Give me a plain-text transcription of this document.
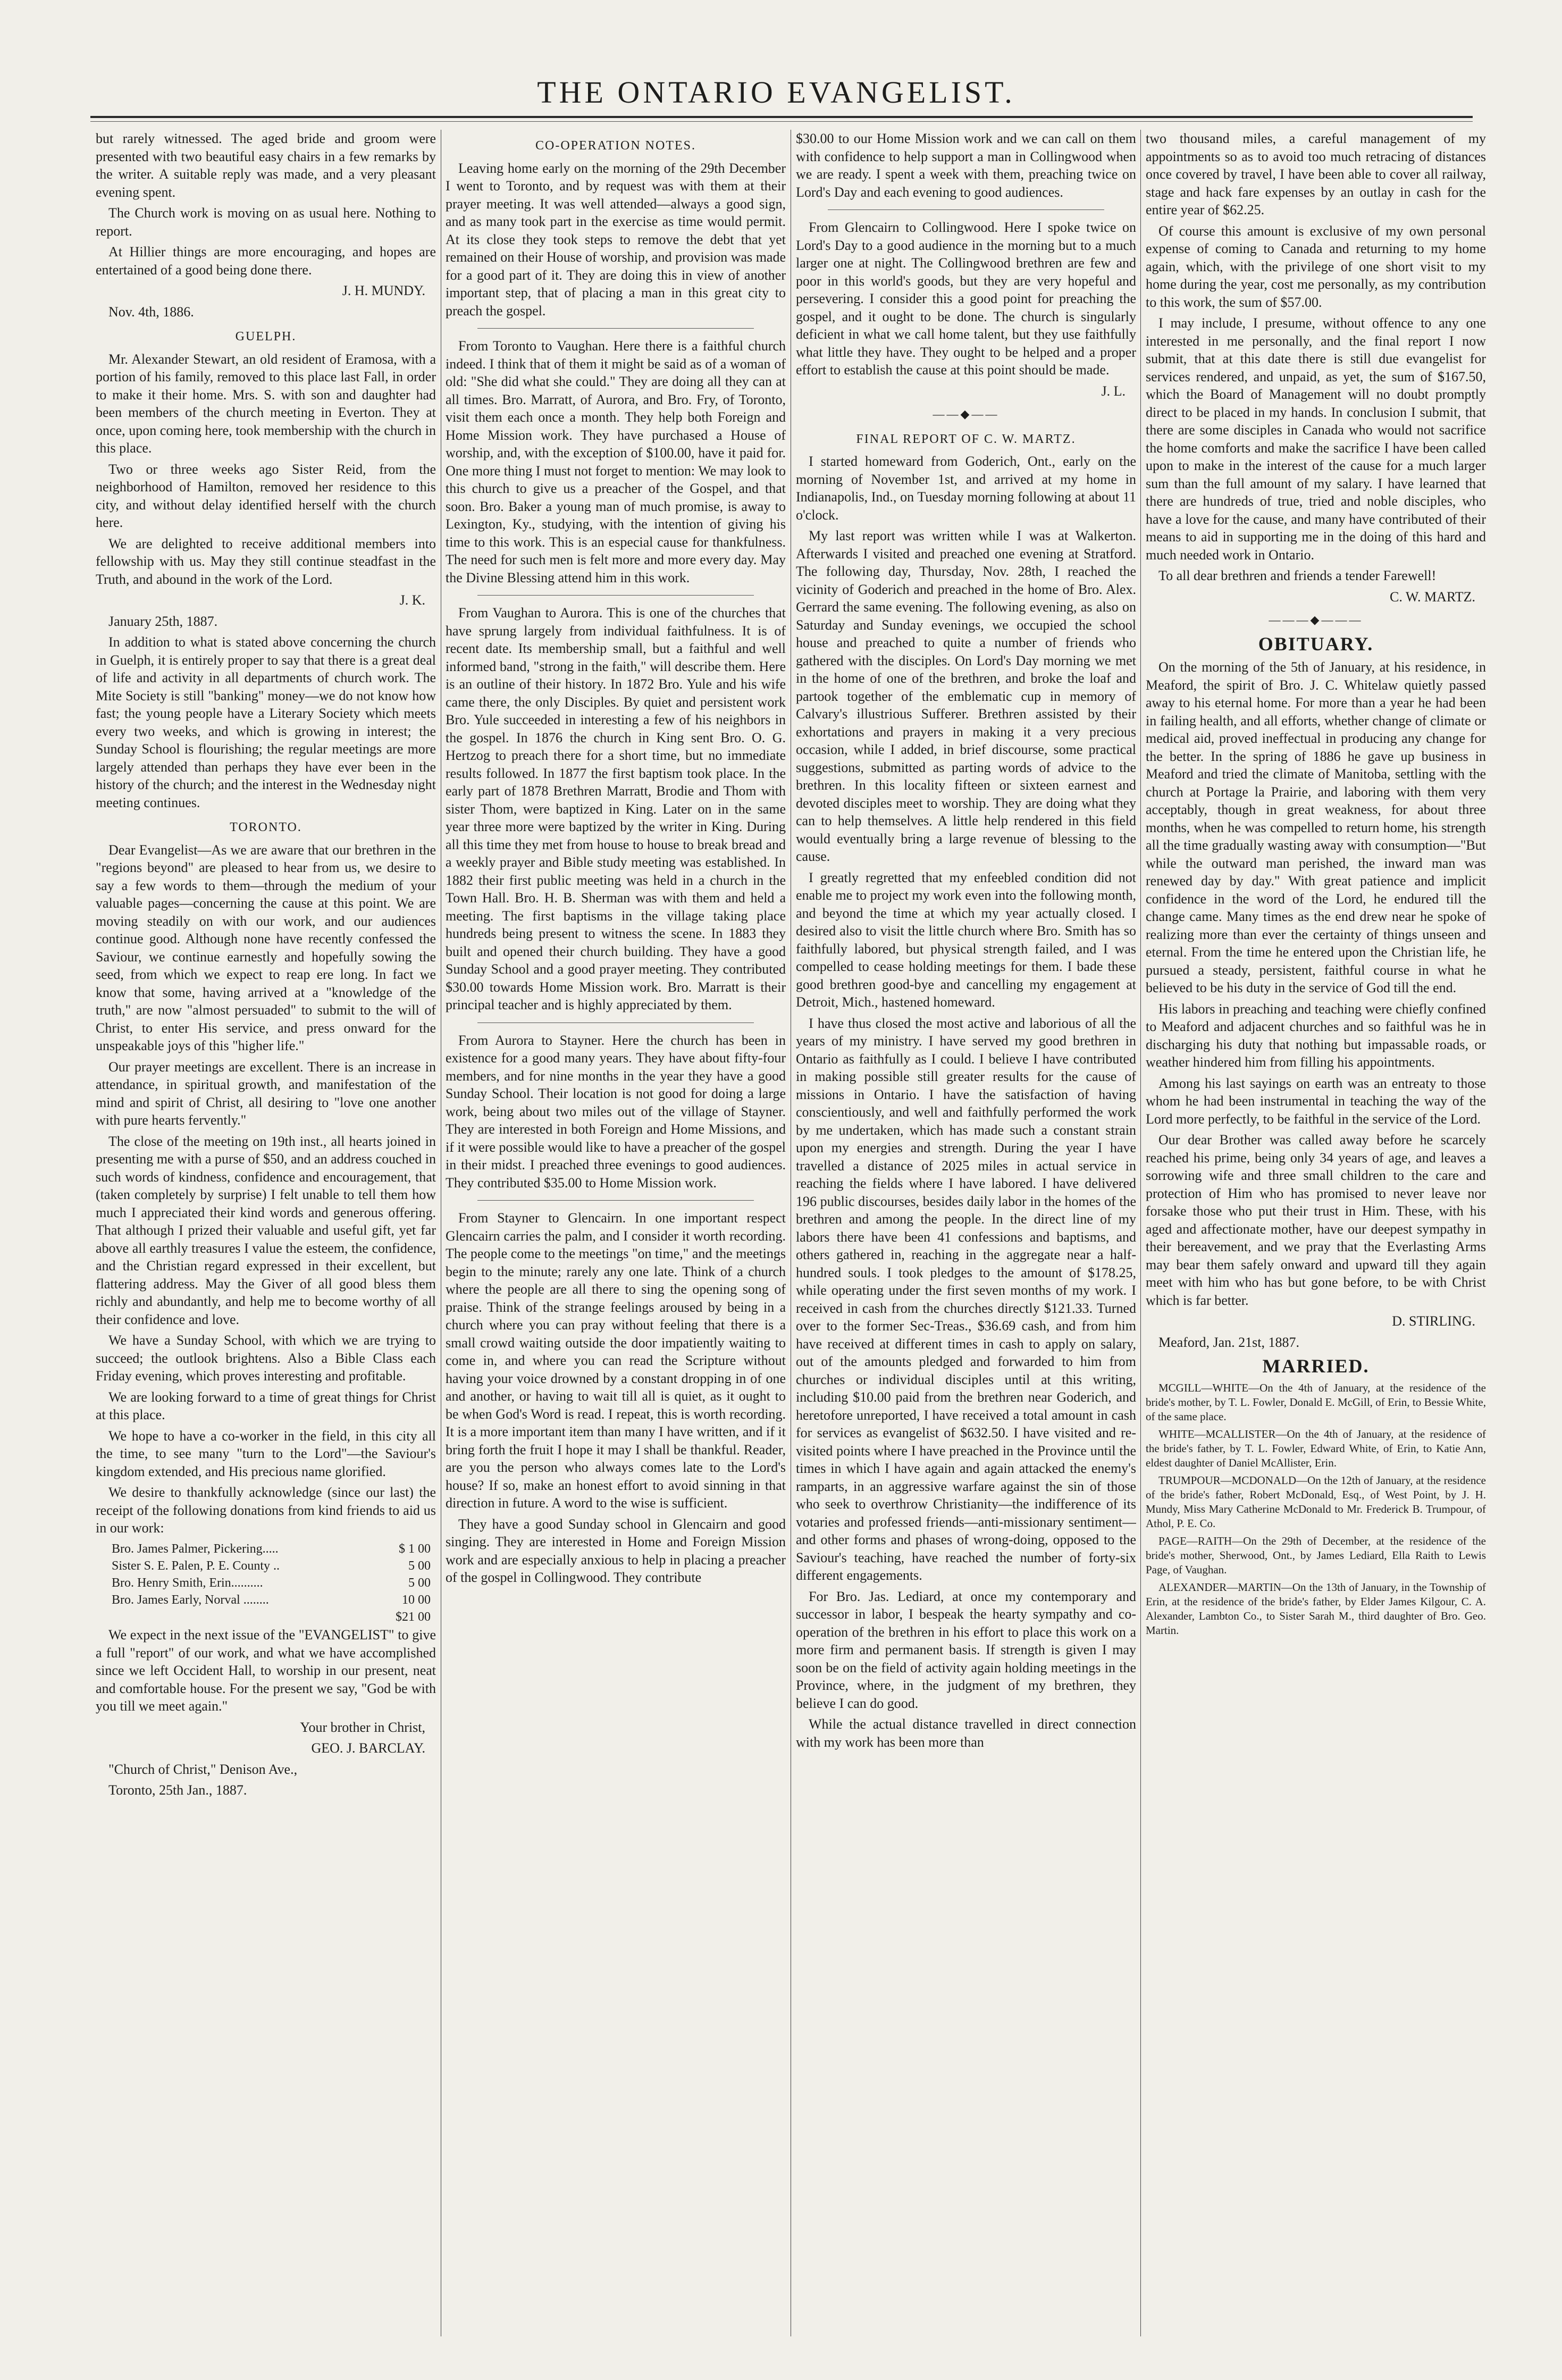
THE ONTARIO EVANGELIST.

but rarely witnessed. The aged bride and groom were presented with two beautiful easy chairs in a few remarks by the writer. A suitable reply was made, and a very pleasant evening spent.

The Church work is moving on as usual here. Nothing to report.

At Hillier things are more encouraging, and hopes are entertained of a good being done there.

J. H. MUNDY.

Nov. 4th, 1886.

GUELPH.

Mr. Alexander Stewart, an old resident of Eramosa, with a portion of his family, removed to this place last Fall, in order to make it their home. Mrs. S. with son and daughter had been members of the church meeting in Everton. They at once, upon coming here, took membership with the church in this place.

Two or three weeks ago Sister Reid, from the neighborhood of Hamilton, removed her residence to this city, and without delay identified herself with the church here.

We are delighted to receive additional members into fellowship with us. May they still continue steadfast in the Truth, and abound in the work of the Lord.

J. K.

January 25th, 1887.

In addition to what is stated above concerning the church in Guelph, it is entirely proper to say that there is a great deal of life and activity in all departments of church work. The Mite Society is still "banking" money—we do not know how fast; the young people have a Literary Society which meets every two weeks, and which is growing in interest; the Sunday School is flourishing; the regular meetings are more largely attended than perhaps they have ever been in the history of the church; and the interest in the Wednesday night meeting continues.

TORONTO.

Dear Evangelist—As we are aware that our brethren in the "regions beyond" are pleased to hear from us, we desire to say a few words to them—through the medium of your valuable pages—concerning the cause at this point. We are moving steadily on with our work, and our audiences continue good. Although none have recently confessed the Saviour, we continue earnestly and hopefully sowing the seed, from which we expect to reap ere long. In fact we know that some, having arrived at a "knowledge of the truth," are now "almost persuaded" to submit to the will of Christ, to enter His service, and press onward for the unspeakable joys of this "higher life."

Our prayer meetings are excellent. There is an increase in attendance, in spiritual growth, and manifestation of the mind and spirit of Christ, all desiring to "love one another with pure hearts fervently."

The close of the meeting on 19th inst., all hearts joined in presenting me with a purse of $50, and an address couched in such words of kindness, confidence and encouragement, that (taken completely by surprise) I felt unable to tell them how much I appreciated their kind words and generous offering. That although I prized their valuable and useful gift, yet far above all earthly treasures I value the esteem, the confidence, and the Christian regard expressed in their excellent, but flattering address. May the Giver of all good bless them richly and abundantly, and help me to become worthy of all their confidence and love.

We have a Sunday School, with which we are trying to succeed; the outlook brightens. Also a Bible Class each Friday evening, which proves interesting and profitable.

We are looking forward to a time of great things for Christ at this place.

We hope to have a co-worker in the field, in this city all the time, to see many "turn to the Lord"—the Saviour's kingdom extended, and His precious name glorified.

We desire to thankfully acknowledge (since our last) the receipt of the following donations from kind friends to aid us in our work:

Bro. James Palmer, Pickering.....	$ 1 00
Sister S. E. Palen, P. E. County ..	5 00
Bro. Henry Smith, Erin..........	5 00
Bro. James Early, Norval ........	10 00
$21 00

We expect in the next issue of the "EVANGELIST" to give a full "report" of our work, and what we have accomplished since we left Occident Hall, to worship in our present, neat and comfortable house. For the present we say, "God be with you till we meet again."

Your brother in Christ,

GEO. J. BARCLAY.

"Church of Christ," Denison Ave.,

Toronto, 25th Jan., 1887.

CO-OPERATION NOTES.

Leaving home early on the morning of the 29th December I went to Toronto, and by request was with them at their prayer meeting. It was well attended—always a good sign, and as many took part in the exercise as time would permit. At its close they took steps to remove the debt that yet remained on their House of worship, and provision was made for a good part of it. They are doing this in view of another important step, that of placing a man in this great city to preach the gospel.

From Toronto to Vaughan. Here there is a faithful church indeed. I think that of them it might be said as of a woman of old: "She did what she could." They are doing all they can at all times. Bro. Marratt, of Aurora, and Bro. Fry, of Toronto, visit them each once a month. They help both Foreign and Home Mission work. They have purchased a House of worship, and, with the exception of $100.00, have it paid for. One more thing I must not forget to mention: We may look to this church to give us a preacher of the Gospel, and that soon. Bro. Baker a young man of much promise, is away to Lexington, Ky., studying, with the intention of giving his time to this work. This is an especial cause for thankfulness. The need for such men is felt more and more every day. May the Divine Blessing attend him in this work.

From Vaughan to Aurora. This is one of the churches that have sprung largely from individual faithfulness. It is of recent date. Its membership small, but a faithful and well informed band, "strong in the faith," will describe them. Here is an outline of their history. In 1872 Bro. Yule and his wife came there, the only Disciples. By quiet and persistent work Bro. Yule succeeded in interesting a few of his neighbors in the gospel. In 1876 the church in King sent Bro. O. G. Hertzog to preach there for a short time, but no immediate results followed. In 1877 the first baptism took place. In the early part of 1878 Brethren Marratt, Brodie and Thom with sister Thom, were baptized in King. Later on in the same year three more were baptized by the writer in King. During all this time they met from house to house to break bread and a weekly prayer and Bible study meeting was established. In 1882 their first public meeting was held in a church in the Town Hall. Bro. H. B. Sherman was with them and held a meeting. The first baptisms in the village taking place hundreds being present to witness the scene. In 1883 they built and opened their church building. They have a good Sunday School and a good prayer meeting. They contributed $30.00 towards Home Mission work. Bro. Marratt is their principal teacher and is highly appreciated by them.

From Aurora to Stayner. Here the church has been in existence for a good many years. They have about fifty-four members, and for nine months in the year they have a good Sunday School. Their location is not good for doing a large work, being about two miles out of the village of Stayner. They are interested in both Foreign and Home Missions, and if it were possible would like to have a preacher of the gospel in their midst. I preached three evenings to good audiences. They contributed $35.00 to Home Mission work.

From Stayner to Glencairn. In one important respect Glencairn carries the palm, and I consider it worth recording. The people come to the meetings "on time," and the meetings begin to the minute; rarely any one late. Think of a church where the people are all there to sing the opening song of praise. Think of the strange feelings aroused by being in a church where you can pray without feeling that there is a small crowd waiting outside the door impatiently waiting to come in, and where you can read the Scripture without having your voice drowned by a constant dropping in of one and another, or having to wait till all is quiet, as it ought to be when God's Word is read. I repeat, this is worth recording. It is a more important item than many I have written, and if it bring forth the fruit I hope it may I shall be thankful. Reader, are you the person who always comes late to the Lord's house? If so, make an honest effort to avoid sinning in that direction in future. A word to the wise is sufficient.

They have a good Sunday school in Glencairn and good singing. They are interested in Home and Foreign Mission work and are especially anxious to help in placing a preacher of the gospel in Collingwood. They contribute

$30.00 to our Home Mission work and we can call on them with confidence to help support a man in Collingwood when we are ready. I spent a week with them, preaching twice on Lord's Day and each evening to good audiences.

From Glencairn to Collingwood. Here I spoke twice on Lord's Day to a good audience in the morning but to a much larger one at night. The Collingwood brethren are few and poor in this world's goods, but they are very hopeful and persevering. I consider this a good point for preaching the gospel, and it ought to be done. The church is singularly deficient in what we call home talent, but they use faithfully what little they have. They ought to be helped and a proper effort to establish the cause at this point should be made.

J. L.

——◆——
FINAL REPORT OF C. W. MARTZ.

I started homeward from Goderich, Ont., early on the morning of November 1st, and arrived at my home in Indianapolis, Ind., on Tuesday morning following at about 11 o'clock.

My last report was written while I was at Walkerton. Afterwards I visited and preached one evening at Stratford. The following day, Thursday, Nov. 28th, I reached the vicinity of Goderich and preached in the home of Bro. Alex. Gerrard the same evening. The following evening, as also on Saturday and Sunday evenings, we occupied the school house and preached to quite a number of friends who gathered with the disciples. On Lord's Day morning we met in the home of one of the brethren, and broke the loaf and partook together of the emblematic cup in memory of Calvary's illustrious Sufferer. Brethren assisted by their exhortations and prayers in making it a very precious occasion, while I added, in brief discourse, some practical suggestions, submitted as parting words of advice to the brethren. In this locality fifteen or sixteen earnest and devoted disciples meet to worship. They are doing what they can to help themselves. A little help rendered in this field would eventually bring a large revenue of blessing to the cause.

I greatly regretted that my enfeebled condition did not enable me to project my work even into the following month, and beyond the time at which my year actually closed. I desired also to visit the little church where Bro. Smith has so faithfully labored, but physical strength failed, and I was compelled to cease holding meetings for them. I bade these good brethren good-bye and cancelling my engagement at Detroit, Mich., hastened homeward.

I have thus closed the most active and laborious of all the years of my ministry. I have served my good brethren in Ontario as faithfully as I could. I believe I have contributed in making possible still greater results for the cause of missions in Ontario. I have the satisfaction of having conscientiously, and well and faithfully performed the work by me undertaken, which has made such a constant strain upon my energies and strength. During the year I have travelled a distance of 2025 miles in actual service in reaching the fields where I have labored. I have delivered 196 public discourses, besides daily labor in the homes of the brethren and among the people. In the direct line of my labors there have been 41 confessions and baptisms, and others gathered in, reaching in the aggregate near a half-hundred souls. I took pledges to the amount of $178.25, while operating under the first seven months of my work. I received in cash from the churches directly $121.33. Turned over to the former Sec-Treas., $36.69 cash, and from him have received at different times in cash to apply on salary, out of the amounts pledged and forwarded to him from churches or individual disciples until at this writing, including $10.00 paid from the brethren near Goderich, and heretofore unreported, I have received a total amount in cash for services as evangelist of $632.50. I have visited and re-visited points where I have preached in the Province until the times in which I have again and again attacked the enemy's ramparts, in an aggressive warfare against the sin of those who seek to overthrow Christianity—the indifference of its votaries and professed friends—anti-missionary sentiment—and other forms and phases of wrong-doing, opposed to the Saviour's teaching, have reached the number of forty-six different engagements.

For Bro. Jas. Lediard, at once my contemporary and successor in labor, I bespeak the hearty sympathy and co-operation of the brethren in his effort to place this work on a more firm and permanent basis. If strength is given I may soon be on the field of activity again holding meetings in the Province, where, in the judgment of my brethren, they believe I can do good.

While the actual distance travelled in direct connection with my work has been more than

two thousand miles, a careful management of my appointments so as to avoid too much retracing of distances once covered by travel, I have been able to cover all railway, stage and hack fare expenses by an outlay in cash for the entire year of $62.25.

Of course this amount is exclusive of my own personal expense of coming to Canada and returning to my home again, which, with the privilege of one short visit to my home during the year, cost me personally, as my contribution to this work, the sum of $57.00.

I may include, I presume, without offence to any one interested in me personally, and the final report I now submit, that at this date there is still due evangelist for services rendered, and unpaid, as yet, the sum of $167.50, which the Board of Management will no doubt promptly direct to be placed in my hands. In conclusion I submit, that there are some disciples in Canada who would not sacrifice the home comforts and make the sacrifice I have been called upon to make in the interest of the cause for a much larger sum than the full amount of my salary. I have learned that there are hundreds of true, tried and noble disciples, who have a love for the cause, and many have contributed of their means to aid in supporting me in the doing of this hard and much needed work in Ontario.

To all dear brethren and friends a tender Farewell!

C. W. MARTZ.

———◆———
OBITUARY.

On the morning of the 5th of January, at his residence, in Meaford, the spirit of Bro. J. C. Whitelaw quietly passed away to his eternal home. For more than a year he had been in failing health, and all efforts, whether change of climate or medical aid, proved ineffectual in producing any change for the better. In the spring of 1886 he gave up business in Meaford and tried the climate of Manitoba, settling with the church at Portage la Prairie, and laboring with them very acceptably, though in great weakness, for about three months, when he was compelled to return home, his strength all the time gradually wasting away with consumption—"But while the outward man perished, the inward man was renewed day by day." With great patience and implicit confidence in the word of the Lord, he endured till the change came. Many times as the end drew near he spoke of realizing more than ever the certainty of things unseen and eternal. From the time he entered upon the Christian life, he pursued a steady, persistent, faithful course in what he believed to be his duty in the service of God till the end.

His labors in preaching and teaching were chiefly confined to Meaford and adjacent churches and so faithful was he in discharging his duty that nothing but impassable roads, or weather hindered him from filling his appointments.

Among his last sayings on earth was an entreaty to those whom he had been instrumental in teaching the way of the Lord more perfectly, to be faithful in the service of the Lord.

Our dear Brother was called away before he scarcely reached his prime, being only 34 years of age, and leaves a sorrowing wife and three small children to the care and protection of Him who has promised to never leave nor forsake those who put their trust in Him. These, with his aged and affectionate mother, have our deepest sympathy in their bereavement, and we pray that the Everlasting Arms may bear them safely onward and upward till they again meet with him who has but gone before, to be with Christ which is far better.

D. STIRLING.

Meaford, Jan. 21st, 1887.

MARRIED.

MCGILL—WHITE—On the 4th of January, at the residence of the bride's mother, by T. L. Fowler, Donald E. McGill, of Erin, to Bessie White, of the same place.

WHITE—MCALLISTER—On the 4th of January, at the residence of the bride's father, by T. L. Fowler, Edward White, of Erin, to Katie Ann, eldest daughter of Daniel McAllister, Erin.

TRUMPOUR—MCDONALD—On the 12th of January, at the residence of the bride's father, Robert McDonald, Esq., of West Point, by J. H. Mundy, Miss Mary Catherine McDonald to Mr. Frederick B. Trumpour, of Athol, P. E. Co.

PAGE—RAITH—On the 29th of December, at the residence of the bride's mother, Sherwood, Ont., by James Lediard, Ella Raith to Lewis Page, of Vaughan.

ALEXANDER—MARTIN—On the 13th of January, in the Township of Erin, at the residence of the bride's father, by Elder James Kilgour, C. A. Alexander, Lambton Co., to Sister Sarah M., third daughter of Bro. Geo. Martin.
